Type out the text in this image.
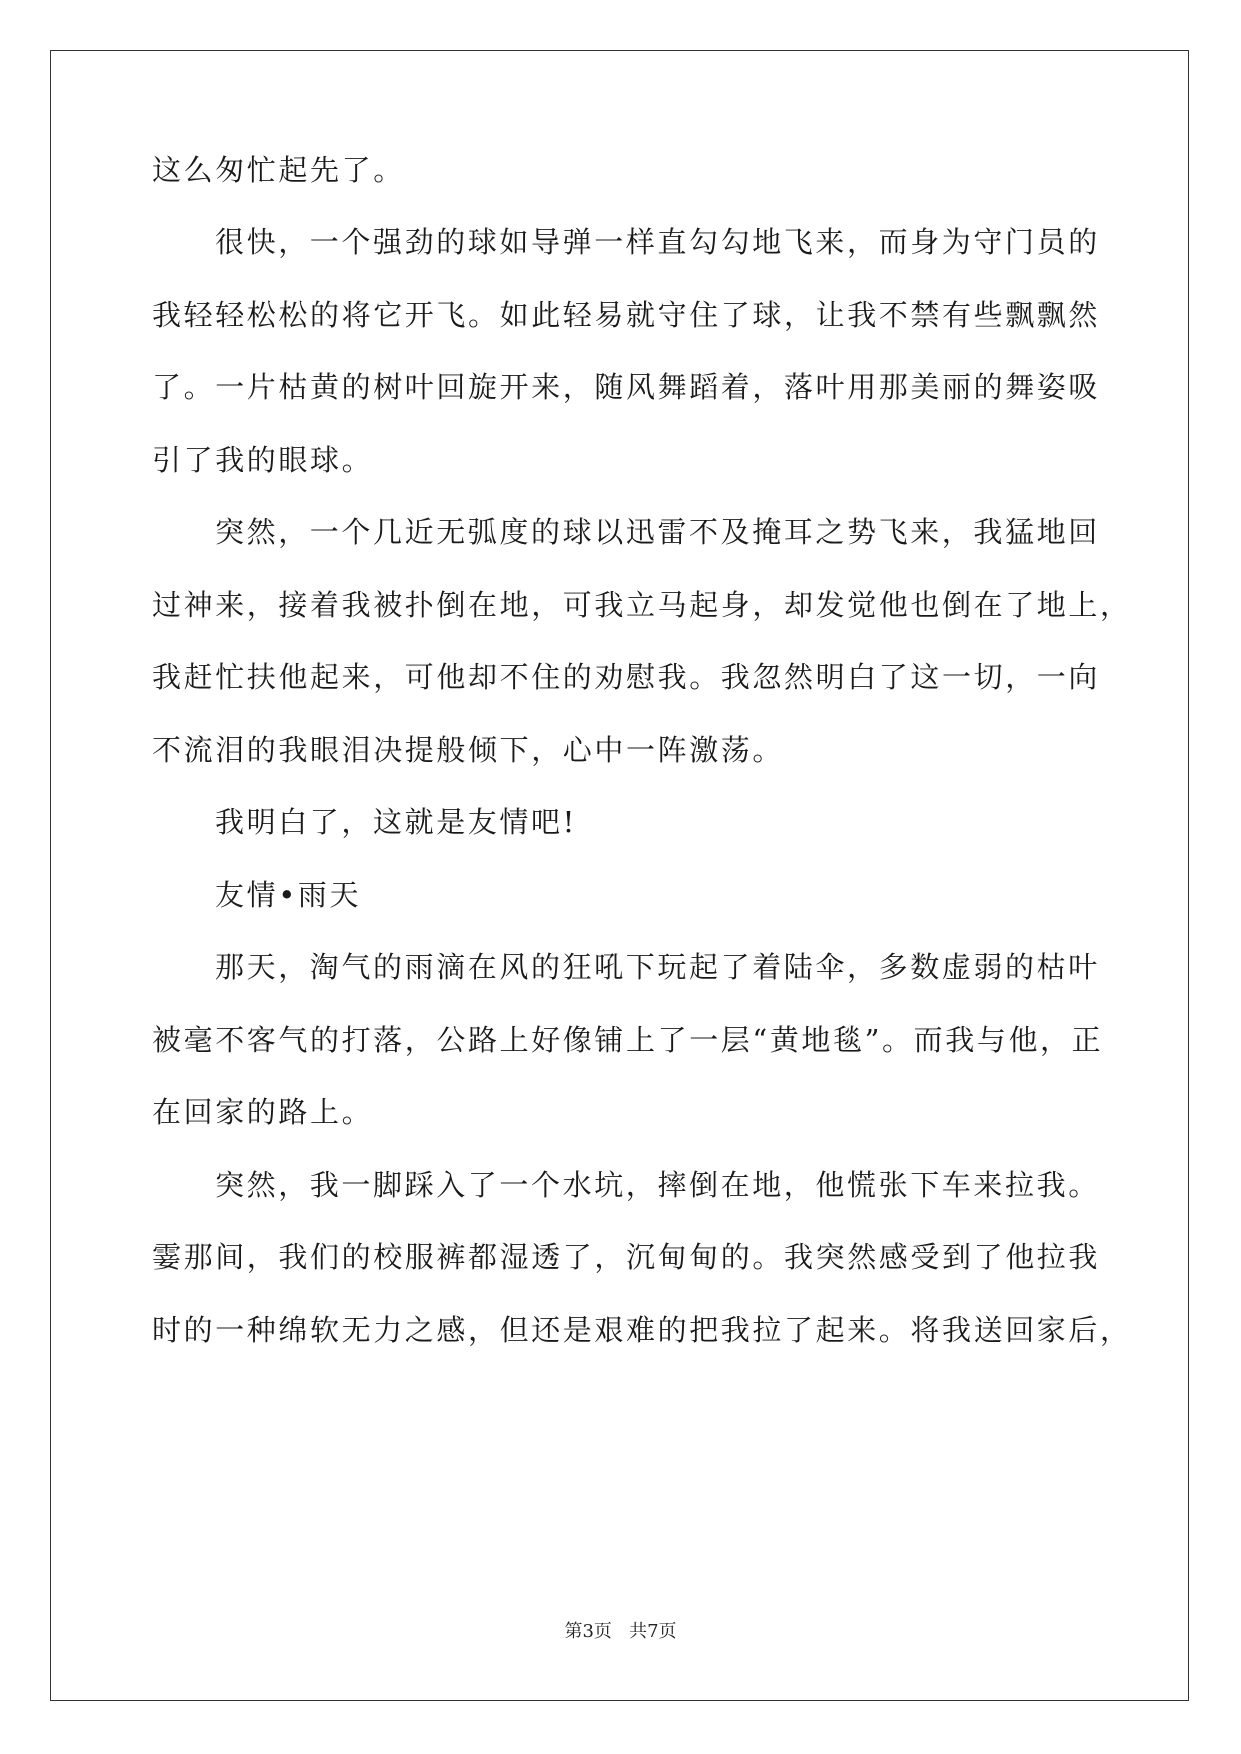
这么匆忙起先了。
很快，一个强劲的球如导弹一样直勾勾地飞来，而身为守门员的
我轻轻松松的将它开飞。如此轻易就守住了球，让我不禁有些飘飘然
了。一片枯黄的树叶回旋开来，随风舞蹈着，落叶用那美丽的舞姿吸
引了我的眼球。
突然，一个几近无弧度的球以迅雷不及掩耳之势飞来，我猛地回
过神来，接着我被扑倒在地，可我立马起身，却发觉他也倒在了地上，
我赶忙扶他起来，可他却不住的劝慰我。我忽然明白了这一切，一向
不流泪的我眼泪决提般倾下，心中一阵激荡。
我明白了，这就是友情吧!
友情•雨天
那天，淘气的雨滴在风的狂吼下玩起了着陆伞，多数虚弱的枯叶
被毫不客气的打落，公路上好像铺上了一层“黄地毯”。而我与他，正
在回家的路上。
突然，我一脚踩入了一个水坑，摔倒在地，他慌张下车来拉我。
霎那间，我们的校服裤都湿透了，沉甸甸的。我突然感受到了他拉我
时的一种绵软无力之感，但还是艰难的把我拉了起来。将我送回家后，
第3页 共7页
